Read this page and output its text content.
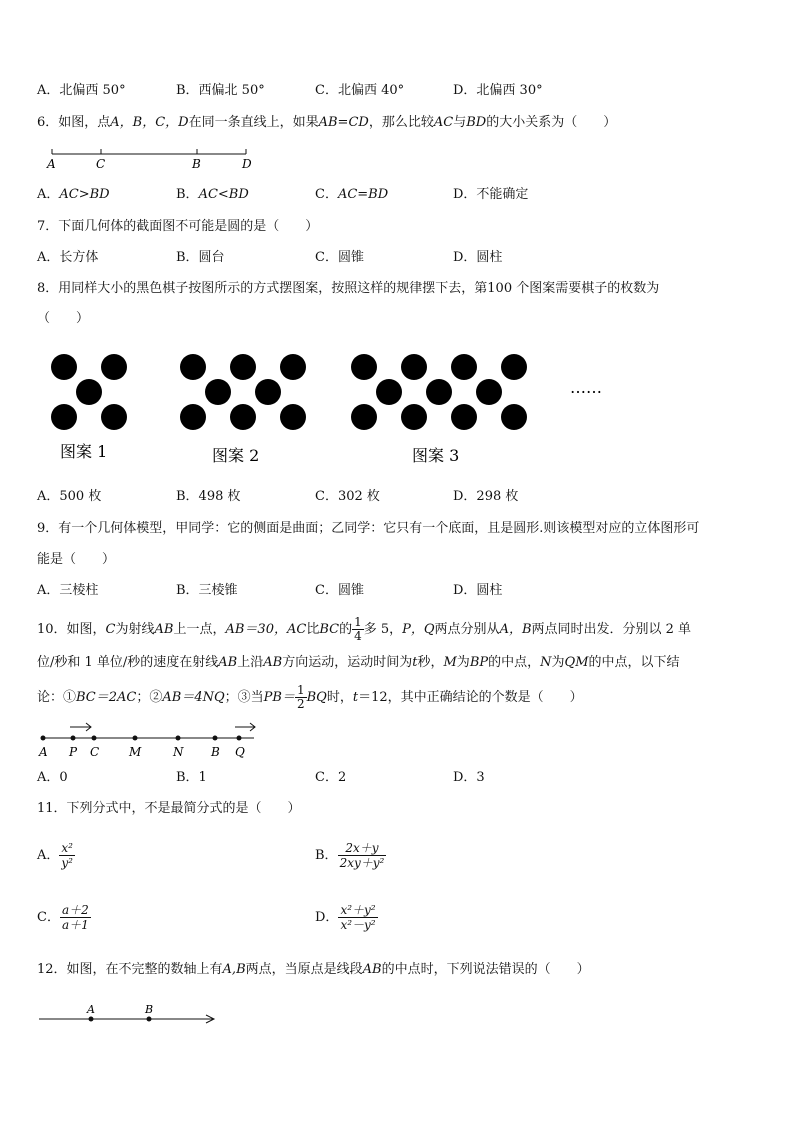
A．北偏西 50°	B．西偏北 50°	C．北偏西 40°	D．北偏西 30°
6．如图，点A，B，C，D在同一条直线上，如果AB=CD，那么比较AC与BD的大小关系为（　　）
A	C	B	D
A．AC>BD	B．AC<BD	C．AC=BD	D．不能确定
7．下面几何体的截面图不可能是圆的是（　　）
A．长方体	B．圆台	C．圆锥	D．圆柱
8．用同样大小的黑色棋子按图所示的方式摆图案，按照这样的规律摆下去，第100 个图案需要棋子的枚数为
（　　）
……
图案 1	图案 2	图案 3
A．500 枚	B．498 枚	C．302 枚	D．298 枚
9．有一个几何体模型，甲同学：它的侧面是曲面；乙同学：它只有一个底面，且是圆形.则该模型对应的立体图形可
能是（　　）
A．三棱柱	B．三棱锥	C．圆锥	D．圆柱
10．如图，C为射线AB上一点，AB＝30，AC比BC的 $\frac{1}{4}$ 多 5，P，Q两点分别从A，B两点同时出发．分别以 2 单
位/秒和 1 单位/秒的速度在射线AB上沿AB方向运动，运动时间为t秒，M为BP的中点，N为QM的中点，以下结
论：①BC＝2AC；②AB＝4NQ；③当$PB= \frac{1}{2}$ BQ时，t＝12，其中正确结论的个数是（　　）
A P C M	N B Q
A．0	B．1	C．2	D．3
11．下列分式中，不是最简分式的是（　　）
A． $\frac{\text{x²}}{\text{y²}}$	B． $\frac{2x+y}{\text{2xy＋y²}}$
C． $\frac{a+2}{a+1}$	D． $\frac{\text{x²＋y²}}{\text{x²－y²}}$
12．如图，在不完整的数轴上有A,B两点，当原点是线段AB的中点时，下列说法错误的（　　）
A	B
